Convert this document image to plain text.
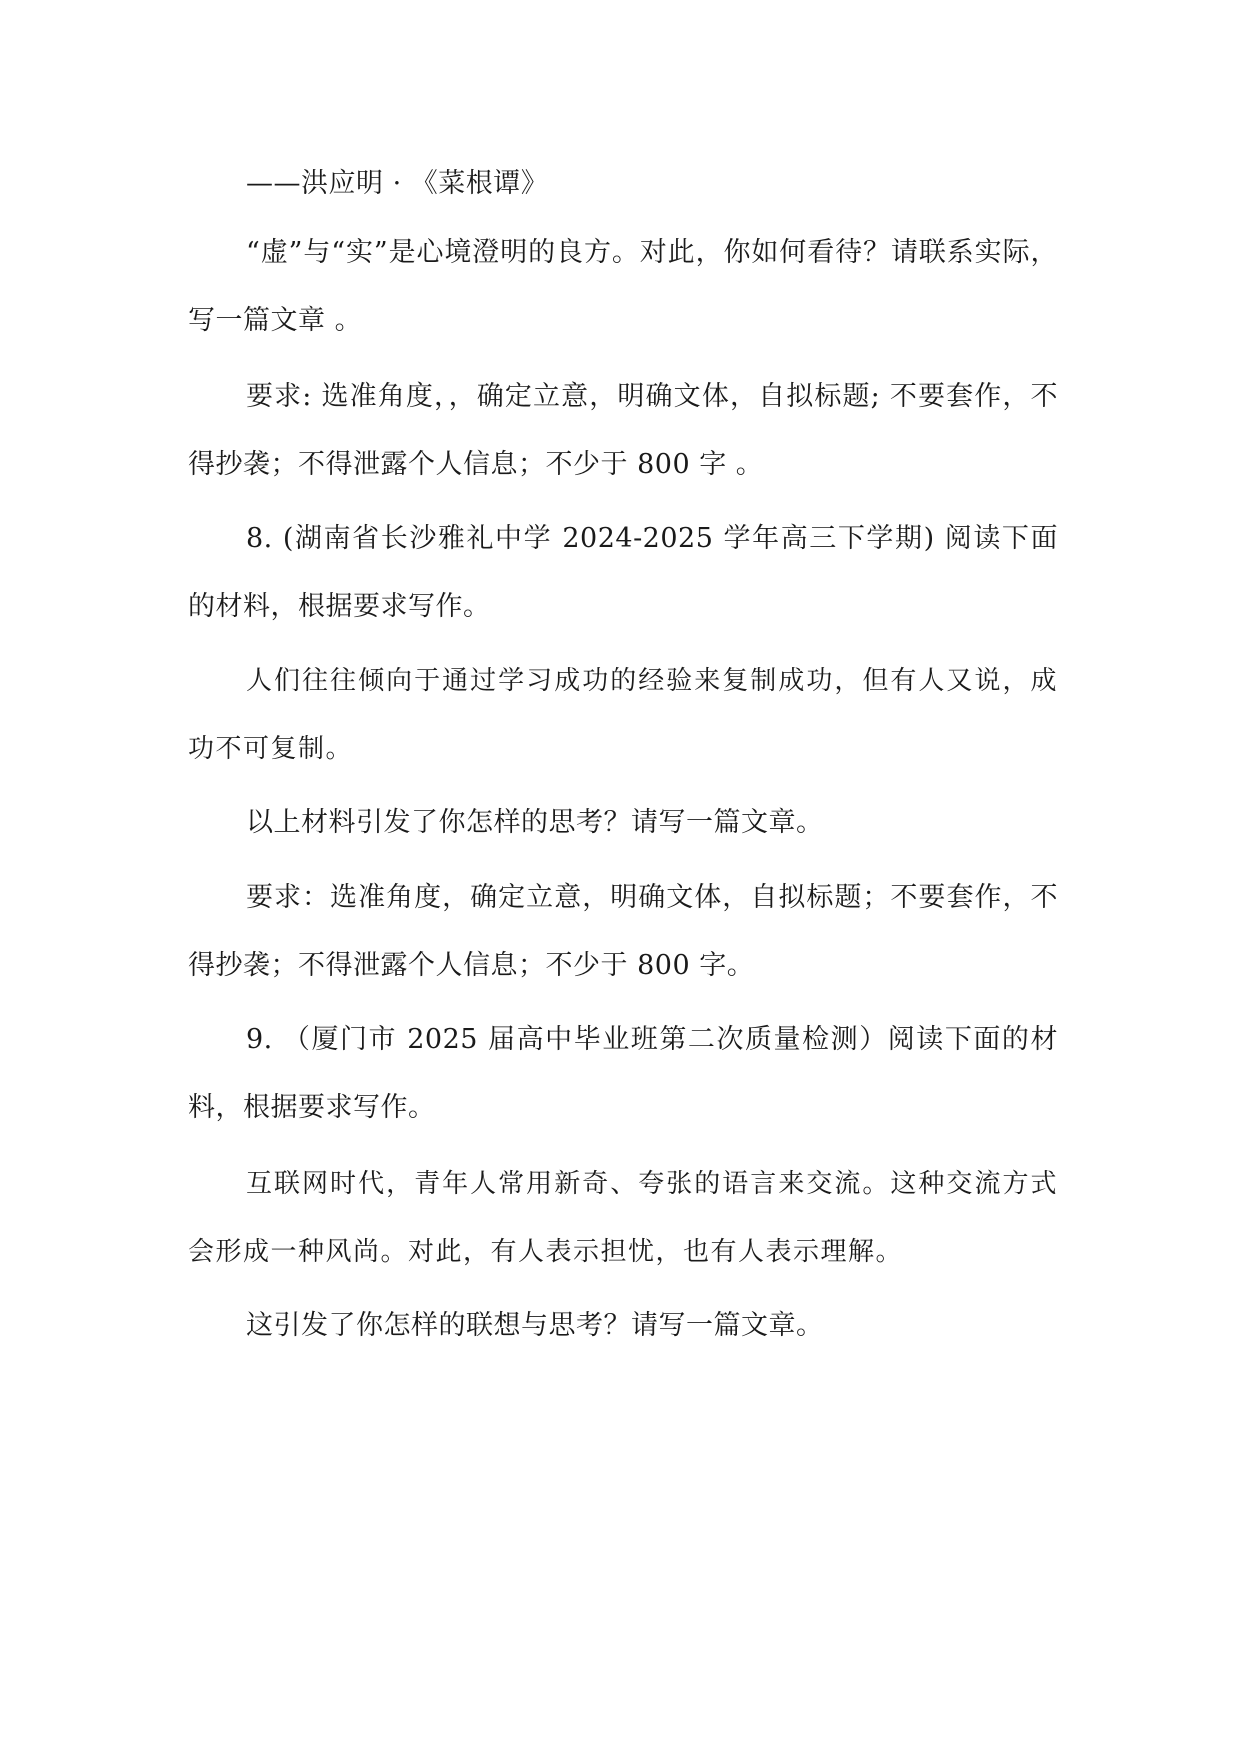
——洪应明 · 《菜根谭》

“虚”与“实”是心境澄明的良方。对此，你如何看待？请联系实际，写一篇文章 。

要求: 选准角度，，确定立意，明确文体，自拟标题; 不要套作，不得抄袭；不得泄露个人信息；不少于 800 字 。

8. (湖南省长沙雅礼中学 2024-2025 学年高三下学期) 阅读下面的材料，根据要求写作。

人们往往倾向于通过学习成功的经验来复制成功，但有人又说，成功不可复制。

以上材料引发了你怎样的思考？请写一篇文章。

要求：选准角度，确定立意，明确文体，自拟标题；不要套作，不得抄袭；不得泄露个人信息；不少于 800 字。

9. （厦门市 2025 届高中毕业班第二次质量检测）阅读下面的材料，根据要求写作。

互联网时代，青年人常用新奇、夸张的语言来交流。这种交流方式会形成一种风尚。对此，有人表示担忧，也有人表示理解。

这引发了你怎样的联想与思考？请写一篇文章。
